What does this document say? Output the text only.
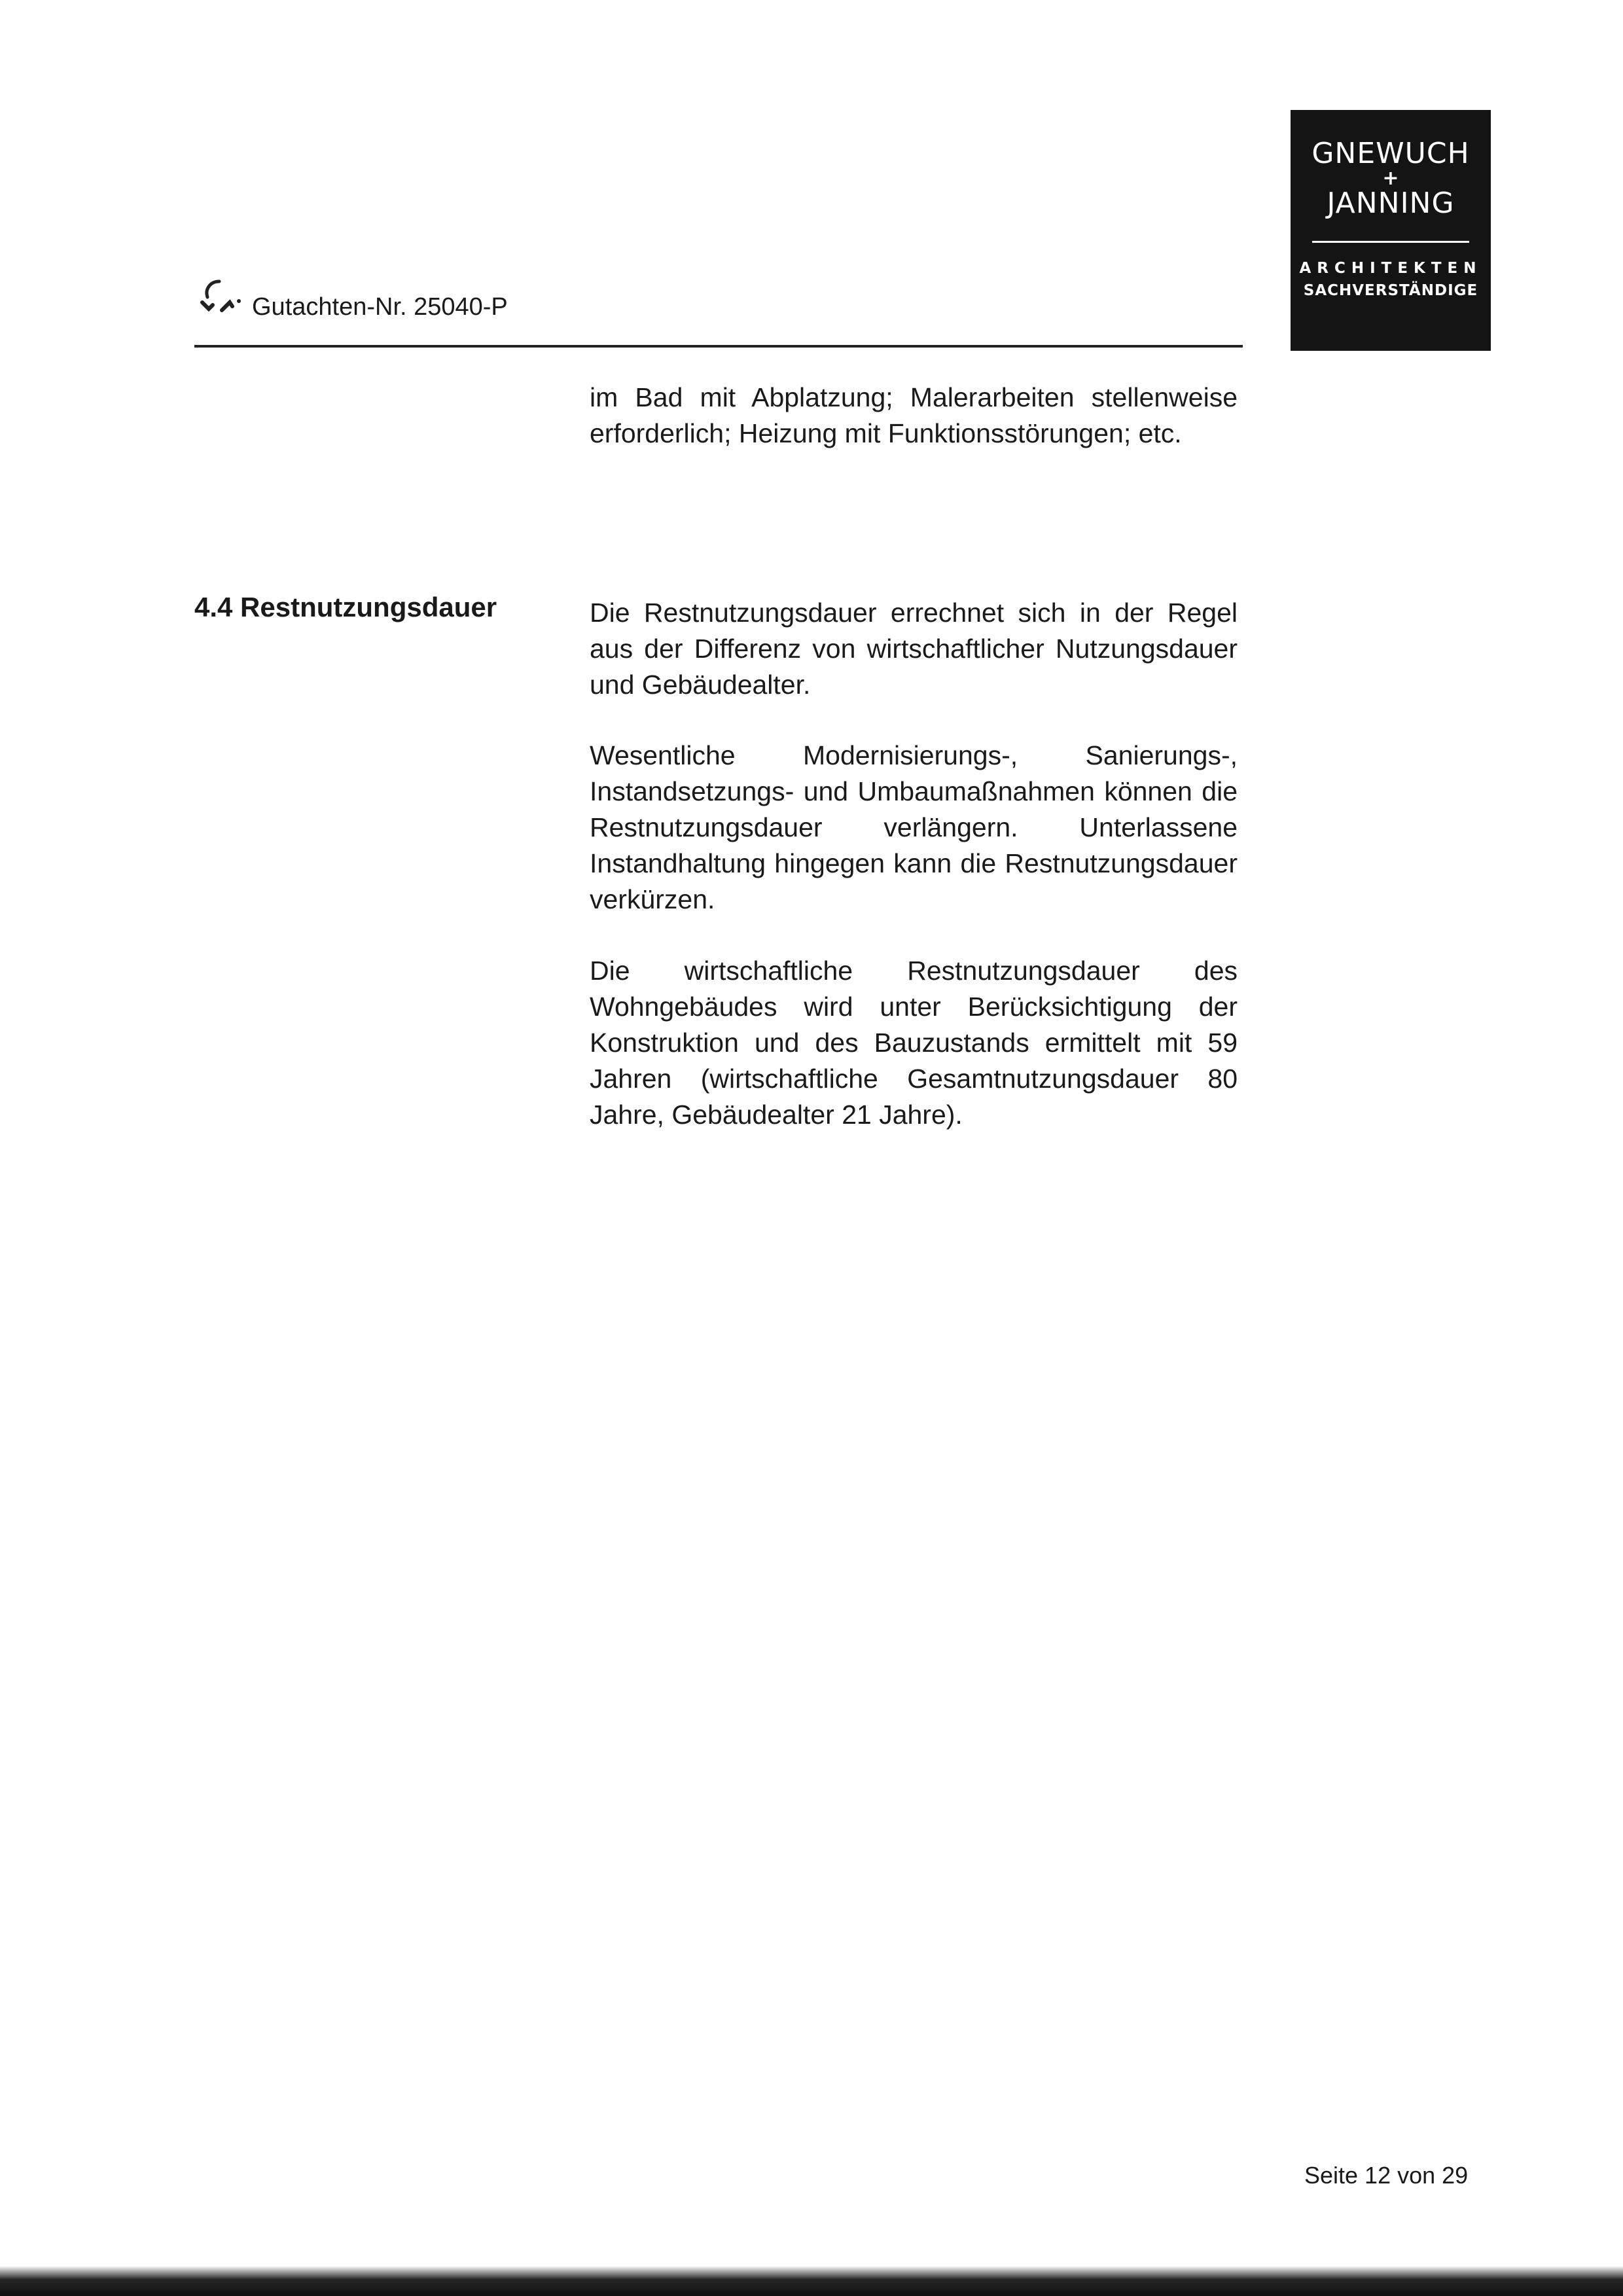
GNEWUCH
+
JANNING
ARCHITEKTEN
SACHVERSTÄNDIGE
Gutachten-Nr. 25040-P
im Bad mit Abplatzung; Malerarbeiten stellenweise erforderlich; Heizung mit Funktionsstörungen; etc.
4.4 Restnutzungsdauer	Die Restnutzungsdauer errechnet sich in der Regel aus der Differenz von wirtschaftlicher Nutzungsdauer und Gebäudealter.
Wesentliche Modernisierungs-, Sanierungs-, Instandsetzungs- und Umbaumaßnahmen können die Restnutzungsdauer verlängern. Unterlassene Instandhaltung hingegen kann die Restnutzungsdauer verkürzen.
Die wirtschaftliche Restnutzungsdauer des Wohngebäudes wird unter Berücksichtigung der Konstruktion und des Bauzustands ermittelt mit 59 Jahren (wirtschaftliche Gesamtnutzungsdauer 80 Jahre, Gebäudealter 21 Jahre).
Seite 12 von 29
